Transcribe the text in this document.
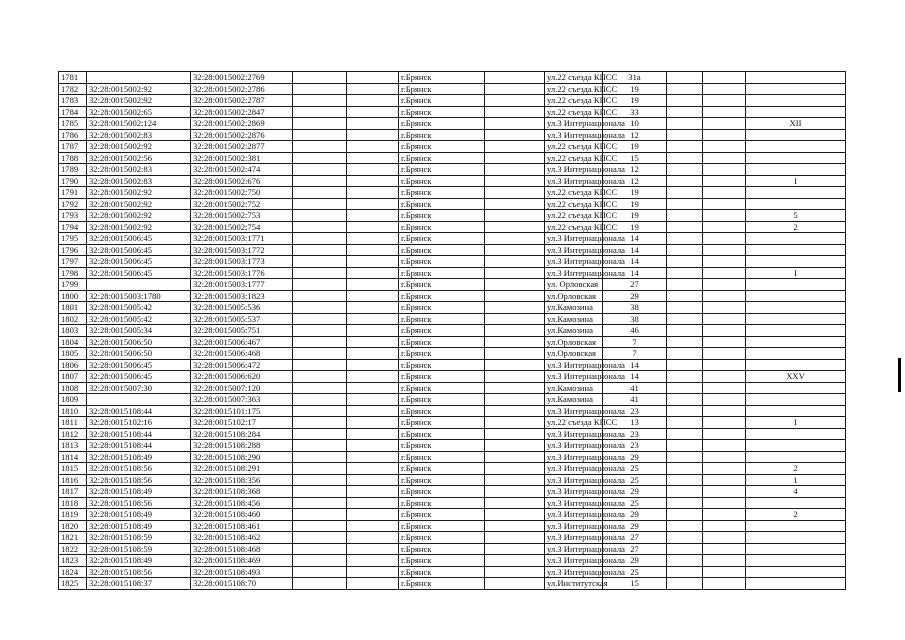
1781		32:28:0015002:2769			г.Брянск		ул.22 съезда КПСС	31а			
1782	32:28:0015002:92	32:28:0015002:2786			г.Брянск		ул.22 съезда КПСС	19			
1783	32:28:0015002:92	32:28:0015002:2787			г.Брянск		ул.22 съезда КПСС	19			
1784	32:28:0015002:65	32:28:0015002:2847			г.Брянск		ул.22 съезда КПСС	33			
1785	32:28:0015002:124	32:28:0015002:2869			г.Брянск		ул.3 Интернационала	10			XII
1786	32:28:0015002:83	32:28:0015002:2876			г.Брянск		ул.3 Интернационала	12			
1787	32:28:0015002:92	32:28:0015002:2877			г.Брянск		ул.22 съезда КПСС	19			
1788	32:28:0015002:56	32:28:0015002:381			г.Брянск		ул.22 съезда КПСС	15			
1789	32:28:0015002:83	32:28:0015002:474			г.Брянск		ул.3 Интернационала	12			
1790	32:28:0015002:83	32:28:0015002:676			г.Брянск		ул.3 Интернационала	12			I
1791	32:28:0015002:92	32:28:0015002:750			г.Брянск		ул.22 съезда КПСС	19			
1792	32:28:0015002:92	32:28:0015002:752			г.Брянск		ул.22 съезда КПСС	19			
1793	32:28:0015002:92	32:28:0015002:753			г.Брянск		ул.22 съезда КПСС	19			5
1794	32:28:0015002:92	32:28:0015002:754			г.Брянск		ул.22 съезда КПСС	19			2
1795	32:28:0015006:45	32:28:0015003:1771			г.Брянск		ул.3 Интернационала	14			
1796	32:28:0015006:45	32:28:0015003:1772			г.Брянск		ул.3 Интернационала	14			
1797	32:28:0015006:45	32:28:0015003:1773			г.Брянск		ул.3 Интернационала	14			
1798	32:28:0015006:45	32:28:0015003:1776			г.Брянск		ул.3 Интернационала	14			I
1799		32:28:0015003:1777			г.Брянск		ул. Орловская	27			
1800	32:28:0015003:1780	32:28:0015003:1823			г.Брянск		ул.Орловская	29			
1801	32:28:0015005:42	32:28:0015005:536			г.Брянск		ул.Камозина	38			
1802	32:28:0015005:42	32:28:0015005:537			г.Брянск		ул.Камозина	38			
1803	32:28:0015005:34	32:28:0015005:751			г.Брянск		ул.Камозина	46			
1804	32:28:0015006:50	32:28:0015006:467			г.Брянск		ул.Орловская	7			
1805	32:28:0015006:50	32:28:0015006:468			г.Брянск		ул.Орловская	7			
1806	32:28:0015006:45	32:28:0015006:472			г.Брянск		ул.3 Интернационала	14			
1807	32:28:0015006:45	32:28:0015006:620			г.Брянск		ул.3 Интернационала	14			XXV
1808	32:28:0015007:30	32:28:0015007:120			г.Брянск		ул.Камозина	41			
1809		32:28:0015007:363			г.Брянск		ул.Камозина	41			
1810	32:28:0015108:44	32:28:0015101:175			г.Брянск		ул.3 Интернационала	23			
1811	32:28:0015102:16	32:28:0015102:17			г.Брянск		ул.22 съезда КПСС	13			I
1812	32:28:0015108:44	32:28:0015108:284			г.Брянск		ул.3 Интернационала	23			
1813	32:28:0015108:44	32:28:0015108:288			г.Брянск		ул.3 Интернационала	23			
1814	32:28:0015108:49	32:28:0015108:290			г.Брянск		ул.3 Интернационала	29			
1815	32:28:0015108:56	32:28:0015108:291			г.Брянск		ул.3 Интернационала	25			2
1816	32:28:0015108:56	32:28:0015108:356			г.Брянск		ул.3 Интернационала	25			1
1817	32:28:0015108:49	32:28:0015108:368			г.Брянск		ул.3 Интернационала	29			4
1818	32:28:0015108:56	32:28:0015108:456			г.Брянск		ул.3 Интернационала	25			
1819	32:28:0015108:49	32:28:0015108:460			г.Брянск		ул.3 Интернационала	29			2
1820	32:28:0015108:49	32:28:0015108:461			г.Брянск		ул.3 Интернационала	29			
1821	32:28:0015108:59	32:28:0015108:462			г.Брянск		ул.3 Интернационала	27			
1822	32:28:0015108:59	32:28:0015108:468			г.Брянск		ул.3 Интернационала	27			
1823	32:28:0015108:49	32:28:0015108:469			г.Брянск		ул.3 Интернационала	29			
1824	32:28:0015108:56	32:28:0015108:493			г.Брянск		ул.3 Интернационала	25			
1825	32:28:0015108:37	32:28:0015108:70			г.Брянск		ул.Институтская	15			
